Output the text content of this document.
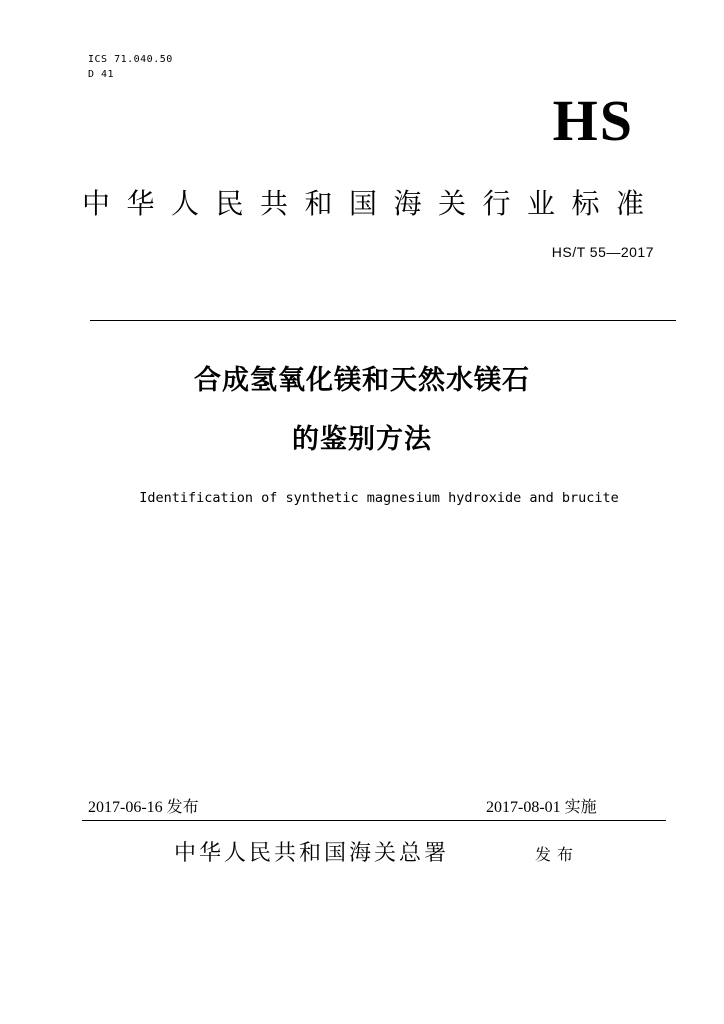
ICS 71.040.50
D 41
HS
中华人民共和国海关行业标准
HS/T 55—2017
合成氢氧化镁和天然水镁石
的鉴别方法
Identification of synthetic magnesium hydroxide and brucite
2017-06-16 发布	2017-08-01 实施
中华人民共和国海关总署	发布
